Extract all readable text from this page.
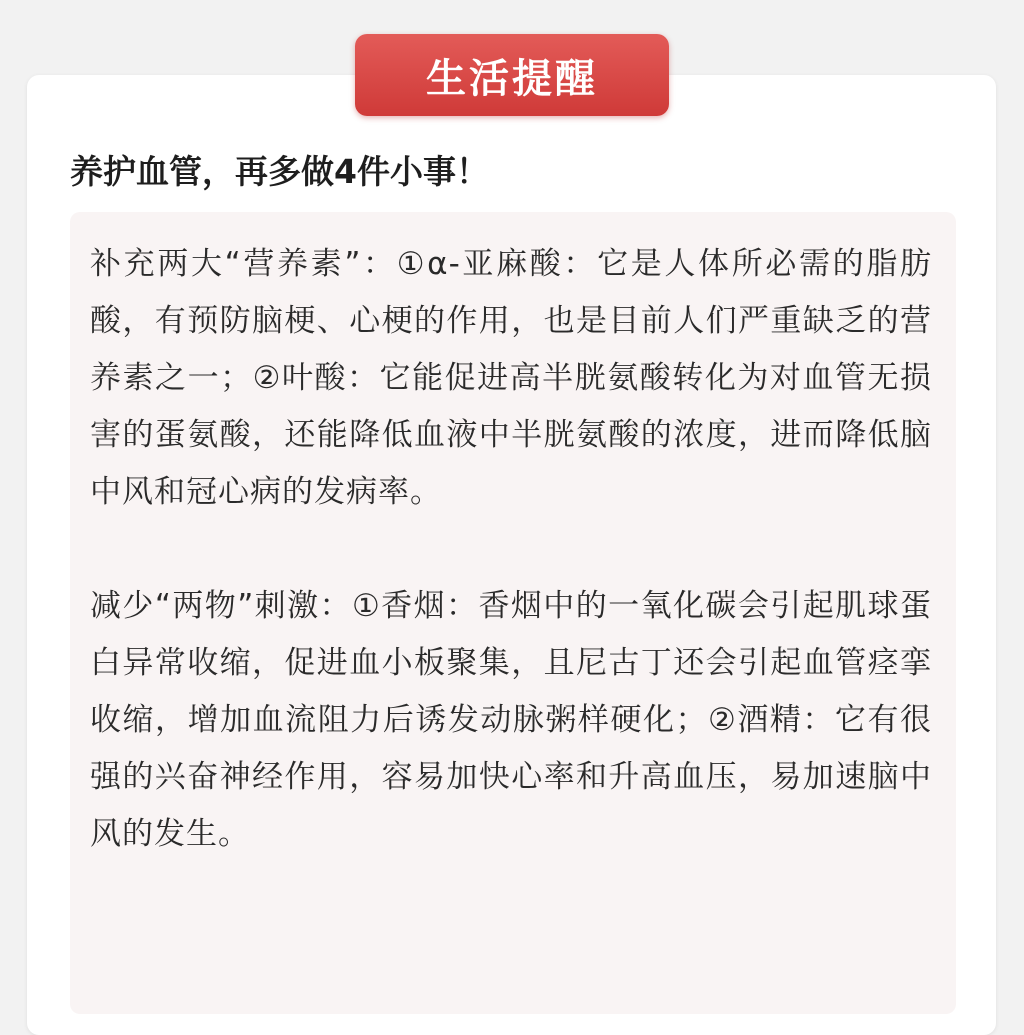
生活提醒
养护血管，再多做4件小事！

补充两大“营养素”：①α-亚麻酸：它是人体所必需的脂肪酸，有预防脑梗、心梗的作用，也是目前人们严重缺乏的营养素之一；②叶酸：它能促进高半胱氨酸转化为对血管无损害的蛋氨酸，还能降低血液中半胱氨酸的浓度，进而降低脑中风和冠心病的发病率。

减少“两物”刺激：①香烟：香烟中的一氧化碳会引起肌球蛋白异常收缩，促进血小板聚集，且尼古丁还会引起血管痉挛收缩，增加血流阻力后诱发动脉粥样硬化；②酒精：它有很强的兴奋神经作用，容易加快心率和升高血压，易加速脑中风的发生。
